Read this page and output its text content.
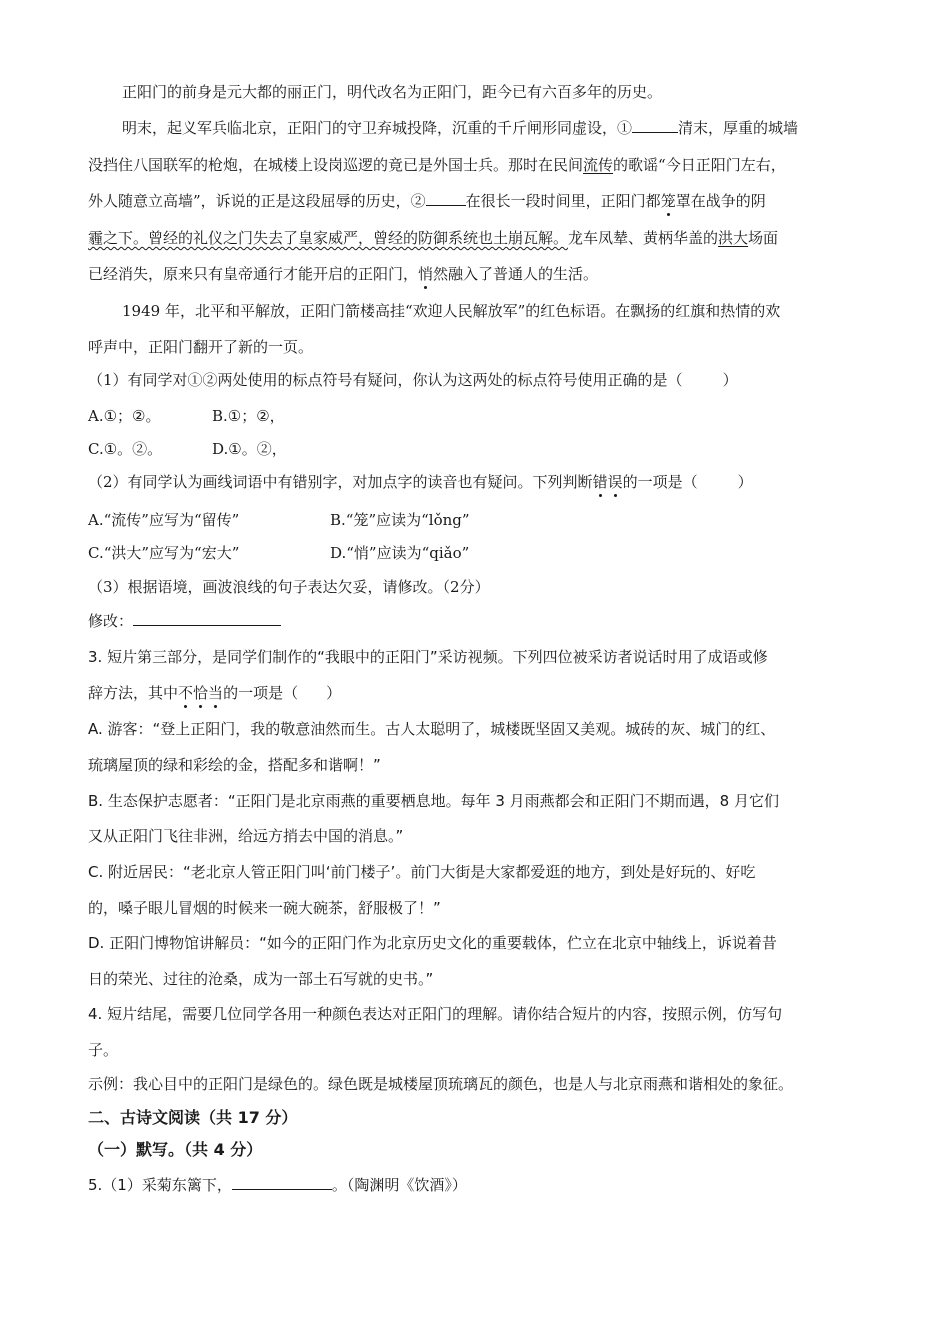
正阳门的前身是元大都的丽正门，明代改名为正阳门，距今已有六百多年的历史。
明末，起义军兵临北京，正阳门的守卫弃城投降，沉重的千斤闸形同虚设，①	清末，厚重的城墙
没挡住八国联军的枪炮，在城楼上设岗巡逻的竟已是外国士兵。那时在民间流传的歌谣“今日正阳门左右，
外人随意立高墙”，诉说的正是这段屈辱的历史，②	在很长一段时间里，正阳门都笼罩在战争的阴
霾之下。曾经的礼仪之门失去了皇家威严，曾经的防御系统也土崩瓦解。龙车凤辇、黄柄华盖的洪大场面
已经消失，原来只有皇帝通行才能开启的正阳门，悄然融入了普通人的生活。
1949 年，北平和平解放，正阳门箭楼高挂“欢迎人民解放军”的红色标语。在飘扬的红旗和热情的欢
呼声中，正阳门翻开了新的一页。
（1）有同学对①②两处使用的标点符号有疑问，你认为这两处的标点符号使用正确的是（	）
A.①；②。	B.①；②，
C.①。②。	D.①。②，
（2）有同学认为画线词语中有错别字，对加点字的读音也有疑问。下列判断错误的一项是（	）
A.“流传”应写为“留传”	B.“笼”应读为“lǒng”
C.“洪大”应写为“宏大”	D.“悄”应读为“qiǎo”
（3）根据语境，画波浪线的句子表达欠妥，请修改。（2分）
修改：
3. 短片第三部分，是同学们制作的“我眼中的正阳门”采访视频。下列四位被采访者说话时用了成语或修
辞方法，其中不恰当的一项是（ ）
A. 游客：“登上正阳门，我的敬意油然而生。古人太聪明了，城楼既坚固又美观。城砖的灰、城门的红、
琉璃屋顶的绿和彩绘的金，搭配多和谐啊！”
B. 生态保护志愿者：“正阳门是北京雨燕的重要栖息地。每年 3 月雨燕都会和正阳门不期而遇，8 月它们
又从正阳门飞往非洲，给远方捎去中国的消息。”
C. 附近居民：“老北京人管正阳门叫‘前门楼子’。前门大街是大家都爱逛的地方，到处是好玩的、好吃
的，嗓子眼儿冒烟的时候来一碗大碗茶，舒服极了！”
D. 正阳门博物馆讲解员：“如今的正阳门作为北京历史文化的重要载体，伫立在北京中轴线上，诉说着昔
日的荣光、过往的沧桑，成为一部土石写就的史书。”
4. 短片结尾，需要几位同学各用一种颜色表达对正阳门的理解。请你结合短片的内容，按照示例，仿写句
子。
示例：我心目中的正阳门是绿色的。绿色既是城楼屋顶琉璃瓦的颜色，也是人与北京雨燕和谐相处的象征。
二、古诗文阅读（共 17 分）
（一）默写。（共 4 分）
5.（1）采菊东篱下，	。（陶渊明《饮酒》）
